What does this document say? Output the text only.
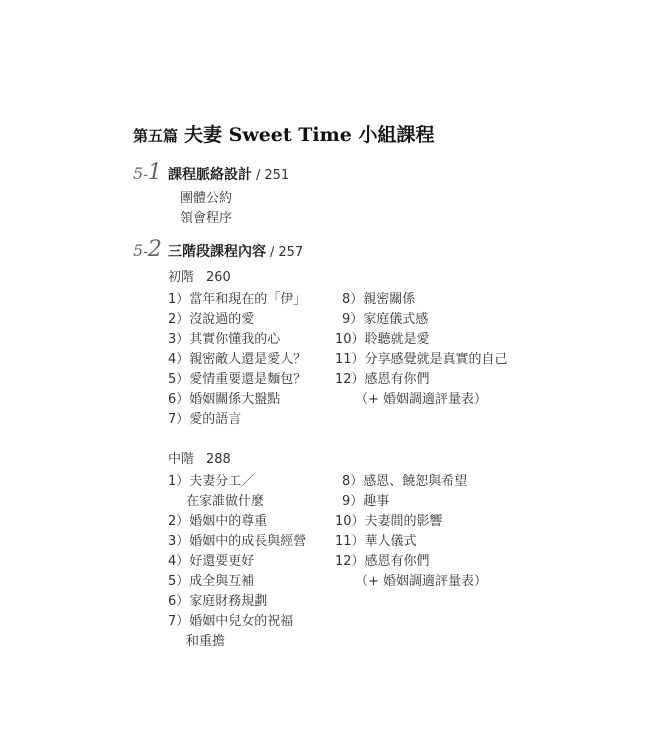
第五篇 夫妻 Sweet Time 小組課程
5-1 課程脈絡設計 / 251
團體公約
領會程序
5-2 三階段課程內容 / 257
初階 260
1）當年和現在的「伊」
2）沒說過的愛
3）其實你懂我的心
4）親密敵人還是愛人？
5）愛情重要還是麵包？
6）婚姻關係大盤點
7）愛的語言
8）親密關係
9）家庭儀式感
10）聆聽就是愛
11）分享感覺就是真實的自己
12）感恩有你們
（+ 婚姻調適評量表）
中階 288
1）夫妻分工／
在家誰做什麼
2）婚姻中的尊重
3）婚姻中的成長與經營
4）好還要更好
5）成全與互補
6）家庭財務規劃
7）婚姻中兒女的祝福
和重擔
8）感恩、饒恕與希望
9）趣事
10）夫妻間的影響
11）華人儀式
12）感恩有你們
（+ 婚姻調適評量表）
